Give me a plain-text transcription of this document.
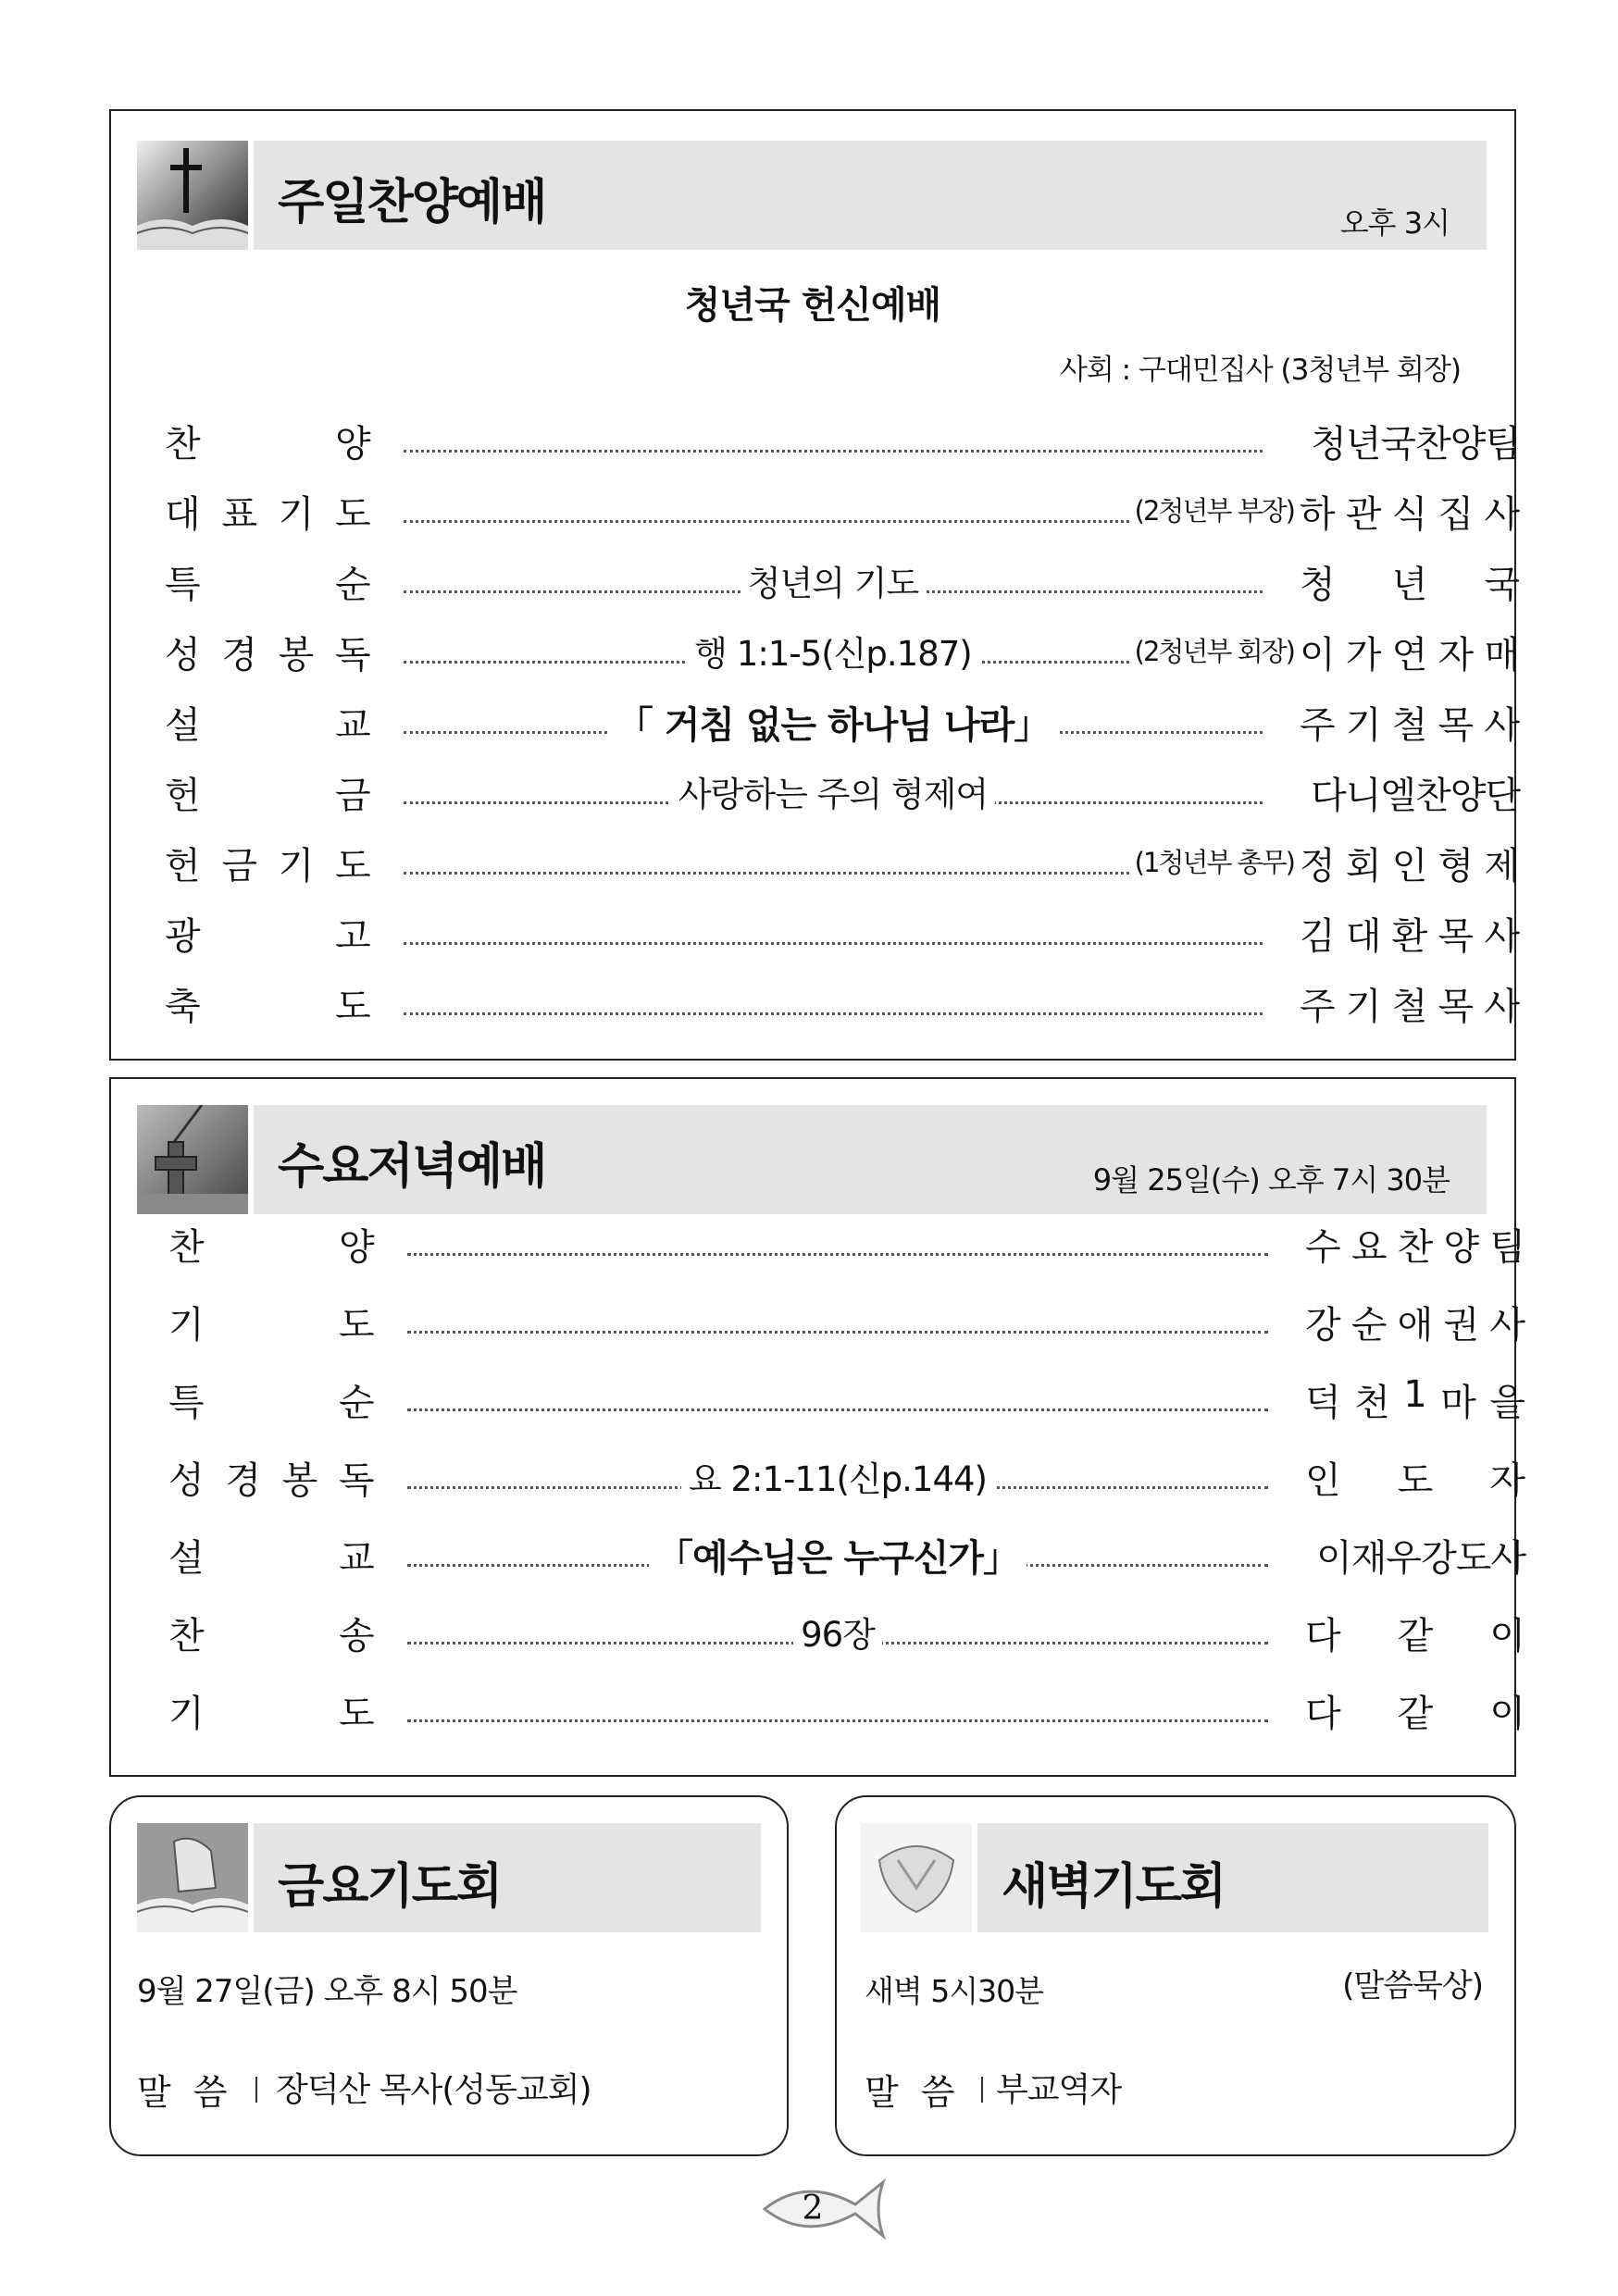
주일찬양예배	오후 3시
청년국 헌신예배
사회 : 구대민집사 (3청년부 회장)
찬	양	청년국찬양팀
대 표 기 도	(2청년부 부장) 하 관 식 집 사
특	순	청년의 기도	청 년 국
성 경 봉 독	행 1:1-5(신p.187)	(2청년부 회장) 이 가 연 자 매
설	교	「 거침 없는 하나님 나라」	주 기 철 목 사
헌	금	사랑하는 주의 형제여	다니엘찬양단
헌 금 기 도	(1청년부 총무) 정 회 인 형 제
광	고	김 대 환 목 사
축	도	주 기 철 목 사
수요저녁예배	9월 25일(수) 오후 7시 30분
찬	양	수 요 찬 양 팀
기	도	강 순 애 권 사
특	순	덕 천 1 마 을
성 경 봉 독	요 2:1-11(신p.144)	인 도 자
설	교	「예수님은 누구신가」	이재우강도사
찬	송	96장	다 같 이
기	도	다 같 이
금요기도회
9월 27일(금) 오후 8시 50분
말 씀 장덕산 목사(성동교회)
새벽기도회
새벽 5시30분	(말씀묵상)
말 씀 부교역자
2
